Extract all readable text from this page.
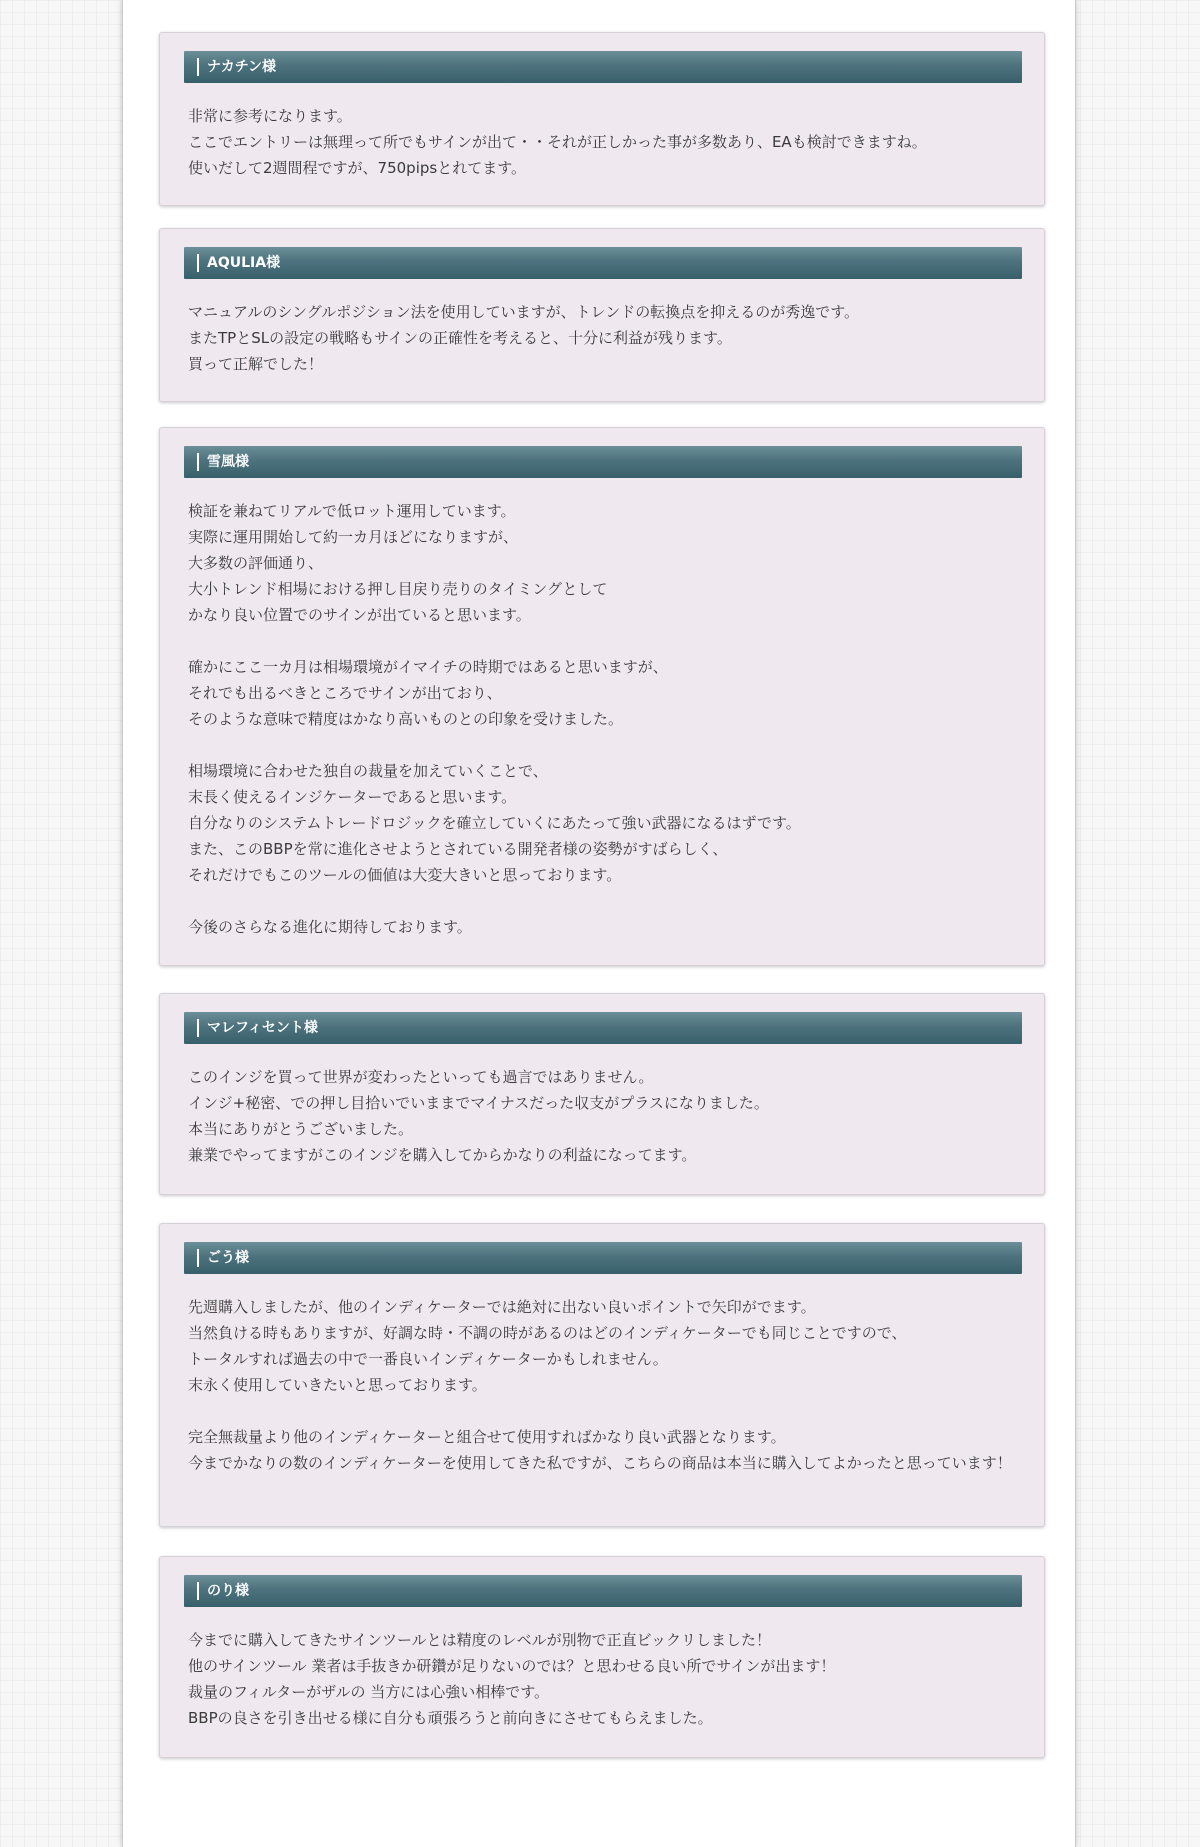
ナカチン様
非常に参考になります。
ここでエントリーは無理って所でもサインが出て・・それが正しかった事が多数あり、EAも検討できますね。
使いだして2週間程ですが、750pipsとれてます。
AQULIA様
マニュアルのシングルポジション法を使用していますが、トレンドの転換点を抑えるのが秀逸です。
またTPとSLの設定の戦略もサインの正確性を考えると、十分に利益が残ります。
買って正解でした！
雪風様
検証を兼ねてリアルで低ロット運用しています。
実際に運用開始して約一カ月ほどになりますが、
大多数の評価通り、
大小トレンド相場における押し目戻り売りのタイミングとして
かなり良い位置でのサインが出ていると思います。
確かにここ一カ月は相場環境がイマイチの時期ではあると思いますが、
それでも出るべきところでサインが出ており、
そのような意味で精度はかなり高いものとの印象を受けました。
相場環境に合わせた独自の裁量を加えていくことで、
末長く使えるインジケーターであると思います。
自分なりのシステムトレードロジックを確立していくにあたって強い武器になるはずです。
また、このBBPを常に進化させようとされている開発者様の姿勢がすばらしく、
それだけでもこのツールの価値は大変大きいと思っております。
今後のさらなる進化に期待しております。
マレフィセント様
このインジを買って世界が変わったといっても過言ではありません。
インジ+秘密、での押し目拾いでいままでマイナスだった収支がプラスになりました。
本当にありがとうございました。
兼業でやってますがこのインジを購入してからかなりの利益になってます。
ごう様
先週購入しましたが、他のインディケーターでは絶対に出ない良いポイントで矢印がでます。
当然負ける時もありますが、好調な時・不調の時があるのはどのインディケーターでも同じことですので、
トータルすれば過去の中で一番良いインディケーターかもしれません。
末永く使用していきたいと思っております。
完全無裁量より他のインディケーターと組合せて使用すればかなり良い武器となります。
今までかなりの数のインディケーターを使用してきた私ですが、こちらの商品は本当に購入してよかったと思っています！
のり様
今までに購入してきたサインツールとは精度のレベルが別物で正直ビックリしました！
他のサインツール 業者は手抜きか研鑽が足りないのでは？と思わせる良い所でサインが出ます！
裁量のフィルターがザルの 当方には心強い相棒です。
BBPの良さを引き出せる様に自分も頑張ろうと前向きにさせてもらえました。
